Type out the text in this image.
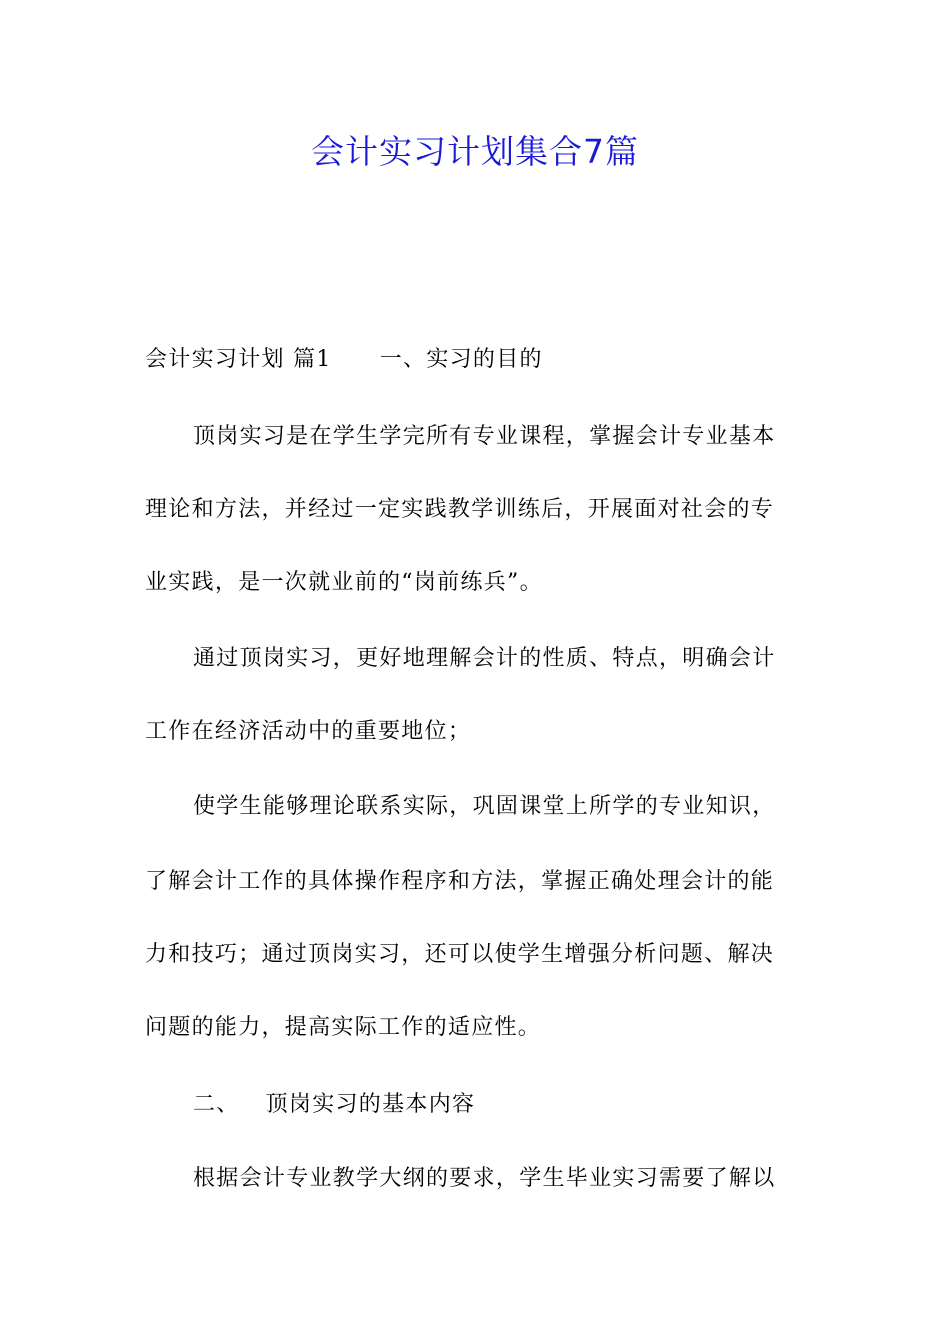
会计实习计划集合7篇
会计实习计划 篇1 一、实习的目的
顶岗实习是在学生学完所有专业课程，掌握会计专业基本
理论和方法，并经过一定实践教学训练后，开展面对社会的专
业实践，是一次就业前的“岗前练兵”。
通过顶岗实习，更好地理解会计的性质、特点，明确会计
工作在经济活动中的重要地位；
使学生能够理论联系实际，巩固课堂上所学的专业知识，
了解会计工作的具体操作程序和方法，掌握正确处理会计的能
力和技巧；通过顶岗实习，还可以使学生增强分析问题、解决
问题的能力，提高实际工作的适应性。
二、 顶岗实习的基本内容
根据会计专业教学大纲的要求，学生毕业实习需要了解以
